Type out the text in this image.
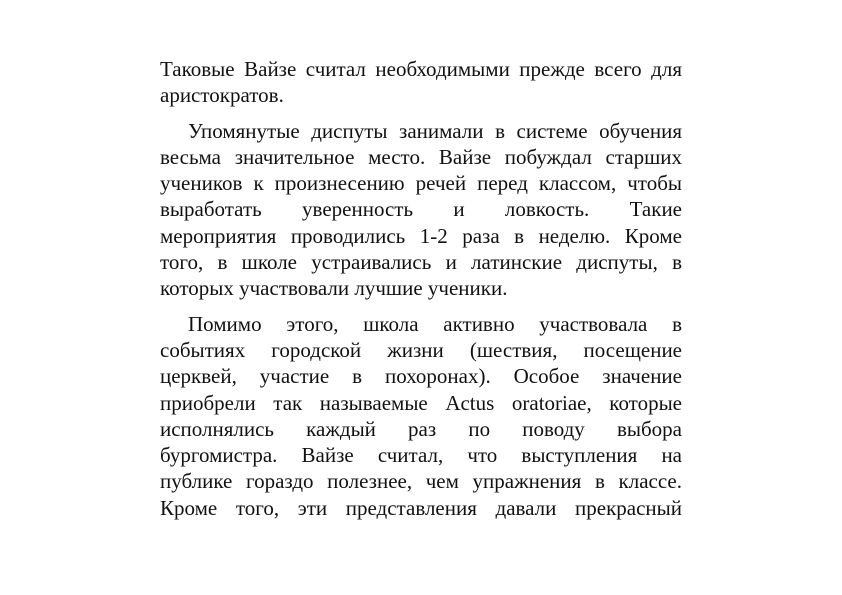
Таковые Вайзе считал необходимыми прежде всего для
аристократов.
Упомянутые диспуты занимали в системе обучения
весьма значительное место. Вайзе побуждал старших
учеников к произнесению речей перед классом, чтобы
выработать уверенность и ловкость. Такие
мероприятия проводились 1-2 раза в неделю. Кроме
того, в школе устраивались и латинские диспуты, в
которых участвовали лучшие ученики.
Помимо этого, школа активно участвовала в
событиях городской жизни (шествия, посещение
церквей, участие в похоронах). Особое значение
приобрели так называемые Actus oratoriae, которые
исполнялись каждый раз по поводу выбора
бургомистра. Вайзе считал, что выступления на
публике гораздо полезнее, чем упражнения в классе.
Кроме того, эти представления давали прекрасный
